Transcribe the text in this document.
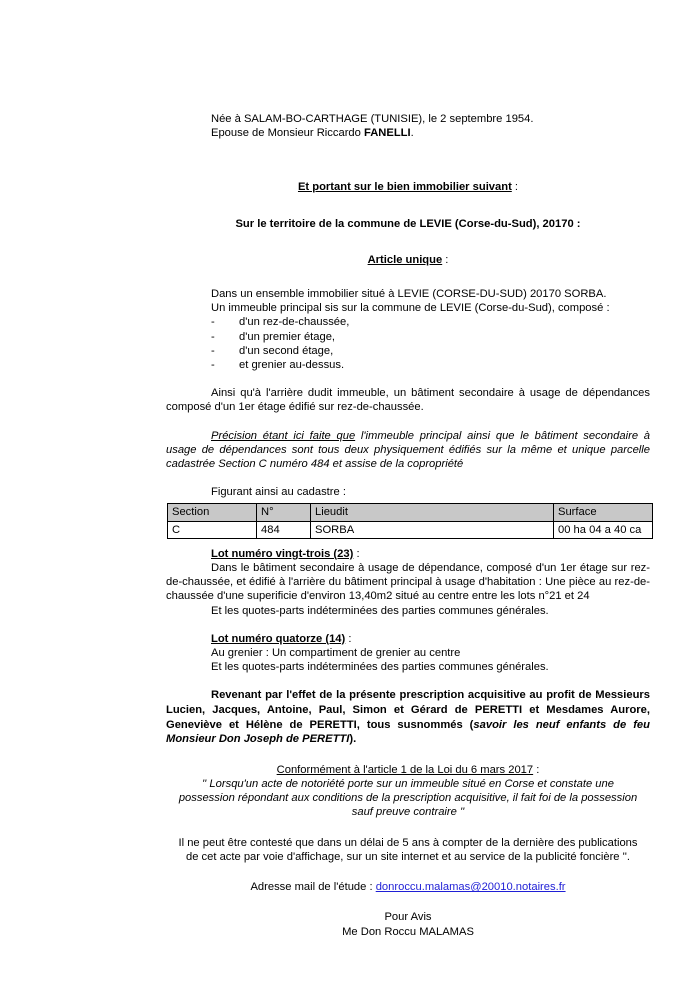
Née à SALAM-BO-CARTHAGE (TUNISIE), le 2 septembre 1954.

Epouse de Monsieur Riccardo FANELLI.

Et portant sur le bien immobilier suivant :

Sur le territoire de la commune de LEVIE (Corse-du-Sud), 20170 :

Article unique :

Dans un ensemble immobilier situé à LEVIE (CORSE-DU-SUD) 20170 SORBA.

Un immeuble principal sis sur la commune de LEVIE (Corse-du-Sud), composé :

- d'un rez-de-chaussée,
- d'un premier étage,
- d'un second étage,
- et grenier au-dessus.

Ainsi qu'à l'arrière dudit immeuble, un bâtiment secondaire à usage de dépendances composé d'un 1er étage édifié sur rez-de-chaussée.

Précision étant ici faite que l'immeuble principal ainsi que le bâtiment secondaire à usage de dépendances sont tous deux physiquement édifiés sur la même et unique parcelle cadastrée Section C numéro 484 et assise de la copropriété

Figurant ainsi au cadastre :

Section	N°	Lieudit	Surface
C	484	SORBA	00 ha 04 a 40 ca

Lot numéro vingt-trois (23) :

Dans le bâtiment secondaire à usage de dépendance, composé d'un 1er étage sur rez-de-chaussée, et édifié à l'arrière du bâtiment principal à usage d'habitation : Une pièce au rez-de-chaussée d'une superificie d'environ 13,40m2 situé au centre entre les lots n°21 et 24

Et les quotes-parts indéterminées des parties communes générales.

Lot numéro quatorze (14) :

Au grenier : Un compartiment de grenier au centre

Et les quotes-parts indéterminées des parties communes générales.

Revenant par l'effet de la présente prescription acquisitive au profit de Messieurs Lucien, Jacques, Antoine, Paul, Simon et Gérard de PERETTI et Mesdames Aurore, Geneviève et Hélène de PERETTI, tous susnommés (savoir les neuf enfants de feu Monsieur Don Joseph de PERETTI).

Conformément à l'article 1 de la Loi du 6 mars 2017 :

'' Lorsqu'un acte de notoriété porte sur un immeuble situé en Corse et constate une

possession répondant aux conditions de la prescription acquisitive, il fait foi de la possession

sauf preuve contraire ''

Il ne peut être contesté que dans un délai de 5 ans à compter de la dernière des publications

de cet acte par voie d'affichage, sur un site internet et au service de la publicité foncière ''.

Adresse mail de l'étude : donroccu.malamas@20010.notaires.fr

Pour Avis

Me Don Roccu MALAMAS
